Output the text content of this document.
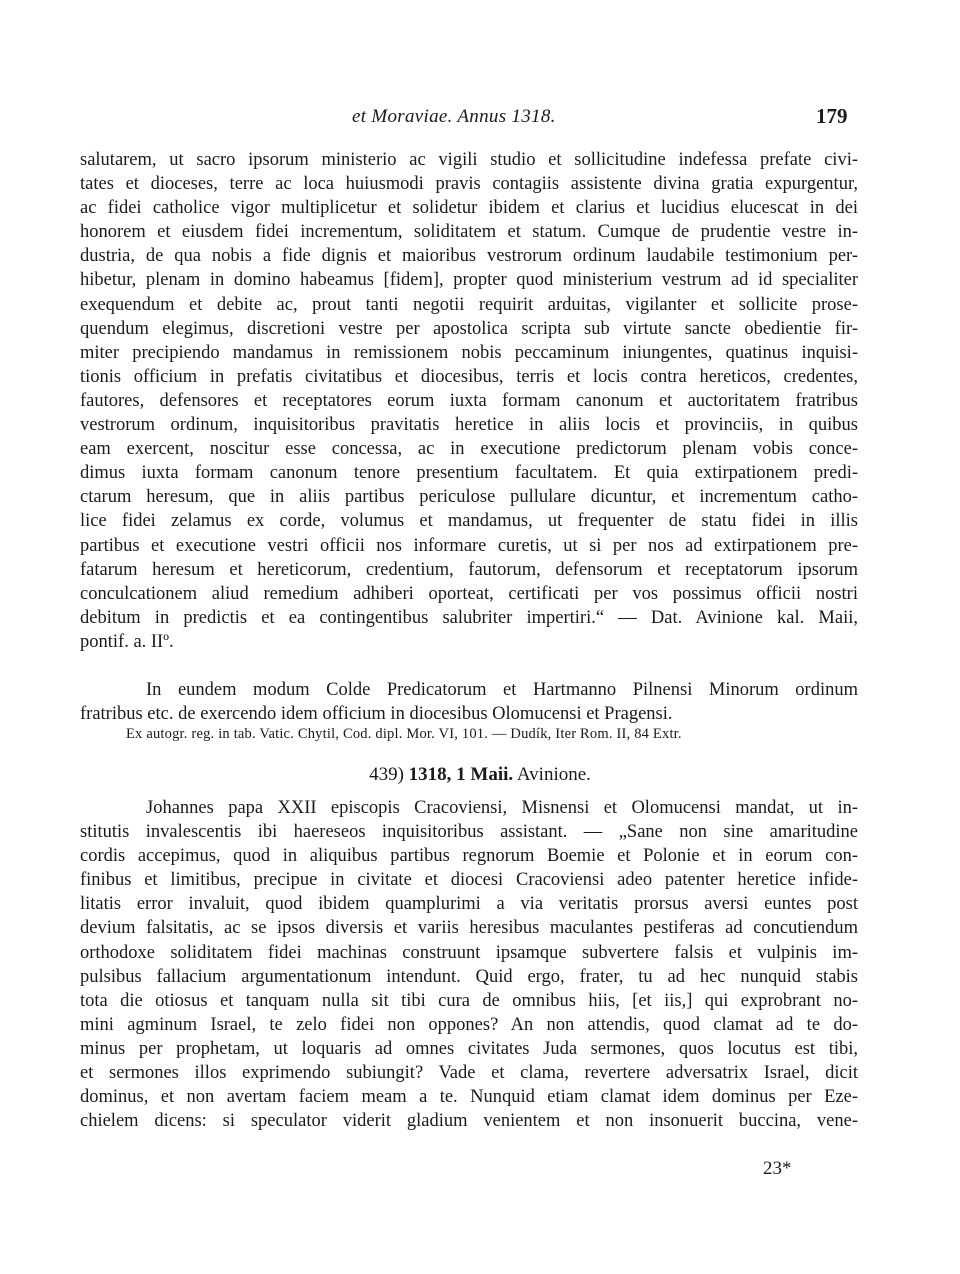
et Moraviae. Annus 1318.	179
salutarem, ut sacro ipsorum ministerio ac vigili studio et sollicitudine indefessa prefate civi-
tates et dioceses, terre ac loca huiusmodi pravis contagiis assistente divina gratia expurgentur,
ac fidei catholice vigor multiplicetur et solidetur ibidem et clarius et lucidius elucescat in dei
honorem et eiusdem fidei incrementum, soliditatem et statum. Cumque de prudentie vestre in-
dustria, de qua nobis a fide dignis et maioribus vestrorum ordinum laudabile testimonium per-
hibetur, plenam in domino habeamus [fidem], propter quod ministerium vestrum ad id specialiter
exequendum et debite ac, prout tanti negotii requirit arduitas, vigilanter et sollicite prose-
quendum elegimus, discretioni vestre per apostolica scripta sub virtute sancte obedientie fir-
miter precipiendo mandamus in remissionem nobis peccaminum iniungentes, quatinus inquisi-
tionis officium in prefatis civitatibus et diocesibus, terris et locis contra hereticos, credentes,
fautores, defensores et receptatores eorum iuxta formam canonum et auctoritatem fratribus
vestrorum ordinum, inquisitoribus pravitatis heretice in aliis locis et provinciis, in quibus
eam exercent, noscitur esse concessa, ac in executione predictorum plenam vobis conce-
dimus iuxta formam canonum tenore presentium facultatem. Et quia extirpationem predi-
ctarum heresum, que in aliis partibus periculose pullulare dicuntur, et incrementum catho-
lice fidei zelamus ex corde, volumus et mandamus, ut frequenter de statu fidei in illis
partibus et executione vestri officii nos informare curetis, ut si per nos ad extirpationem pre-
fatarum heresum et hereticorum, credentium, fautorum, defensorum et receptatorum ipsorum
conculcationem aliud remedium adhiberi oporteat, certificati per vos possimus officii nostri
debitum in predictis et ea contingentibus salubriter impertiri.“ — Dat. Avinione kal. Maii,
pontif. a. IIº.
In eundem modum Colde Predicatorum et Hartmanno Pilnensi Minorum ordinum
fratribus etc. de exercendo idem officium in diocesibus Olomucensi et Pragensi.
Ex autogr. reg. in tab. Vatic. Chytil, Cod. dipl. Mor. VI, 101. — Dudík, Iter Rom. II, 84 Extr.
439) 1318, 1 Maii. Avinione.
Johannes papa XXII episcopis Cracoviensi, Misnensi et Olomucensi mandat, ut in-
stitutis invalescentis ibi haereseos inquisitoribus assistant. — „Sane non sine amaritudine
cordis accepimus, quod in aliquibus partibus regnorum Boemie et Polonie et in eorum con-
finibus et limitibus, precipue in civitate et diocesi Cracoviensi adeo patenter heretice infide-
litatis error invaluit, quod ibidem quamplurimi a via veritatis prorsus aversi euntes post
devium falsitatis, ac se ipsos diversis et variis heresibus maculantes pestiferas ad concutiendum
orthodoxe soliditatem fidei machinas construunt ipsamque subvertere falsis et vulpinis im-
pulsibus fallacium argumentationum intendunt. Quid ergo, frater, tu ad hec nunquid stabis
tota die otiosus et tanquam nulla sit tibi cura de omnibus hiis, [et iis,] qui exprobrant no-
mini agminum Israel, te zelo fidei non oppones? An non attendis, quod clamat ad te do-
minus per prophetam, ut loquaris ad omnes civitates Juda sermones, quos locutus est tibi,
et sermones illos exprimendo subiungit? Vade et clama, revertere adversatrix Israel, dicit
dominus, et non avertam faciem meam a te. Nunquid etiam clamat idem dominus per Eze-
chielem dicens: si speculator viderit gladium venientem et non insonuerit buccina, vene-
23*
